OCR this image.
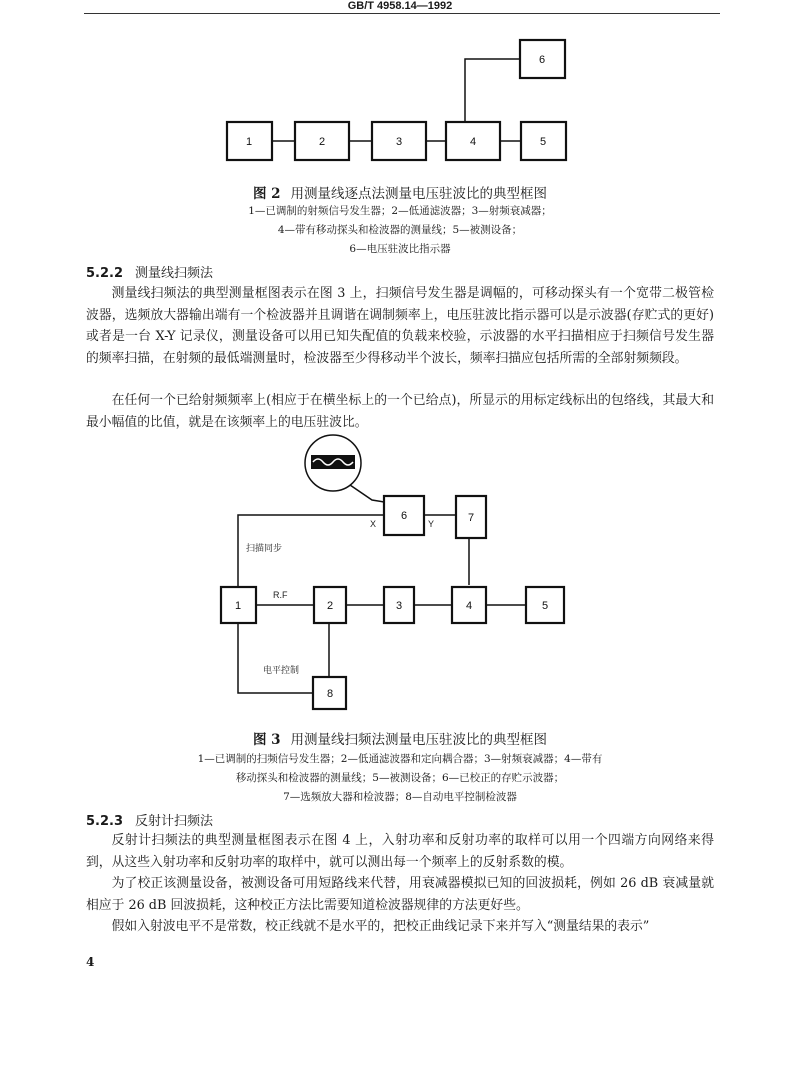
GB/T 4958.14—1992
1	2	3	4	5
6
图 2 用测量线逐点法测量电压驻波比的典型框图
1—已调制的射频信号发生器；2—低通滤波器；3—射频衰减器；
4—带有移动探头和检波器的测量线；5—被测设备；
6—电压驻波比指示器
5.2.2 测量线扫频法

测量线扫频法的典型测量框图表示在图 3 上，扫频信号发生器是调幅的，可移动探头有一个宽带二极管检波器，选频放大器输出端有一个检波器并且调谐在调制频率上，电压驻波比指示器可以是示波器(存贮式的更好)或者是一台 X-Y 记录仪，测量设备可以用已知失配值的负载来校验，示波器的水平扫描相应于扫频信号发生器的频率扫描，在射频的最低端测量时，检波器至少得移动半个波长，频率扫描应包括所需的全部射频频段。

在任何一个已给射频频率上(相应于在横坐标上的一个已给点)，所显示的用标定线标出的包络线，其最大和最小幅值的比值，就是在该频率上的电压驻波比。

1	2	3	4	5
6	7
8
X	Y
R.F
扫描同步
电平控制
图 3 用测量线扫频法测量电压驻波比的典型框图
1—已调制的扫频信号发生器；2—低通滤波器和定向耦合器；3—射频衰减器；4—带有
移动探头和检波器的测量线；5—被测设备；6—已校正的存贮示波器；
7—选频放大器和检波器；8—自动电平控制检波器
5.2.3 反射计扫频法

反射计扫频法的典型测量框图表示在图 4 上，入射功率和反射功率的取样可以用一个四端方向网络来得到，从这些入射功率和反射功率的取样中，就可以测出每一个频率上的反射系数的模。

为了校正该测量设备，被测设备可用短路线来代替，用衰减器模拟已知的回波损耗，例如 26 dB 衰减量就相应于 26 dB 回波损耗，这种校正方法比需要知道检波器规律的方法更好些。

假如入射波电平不是常数，校正线就不是水平的，把校正曲线记录下来并写入“测量结果的表示”

4
